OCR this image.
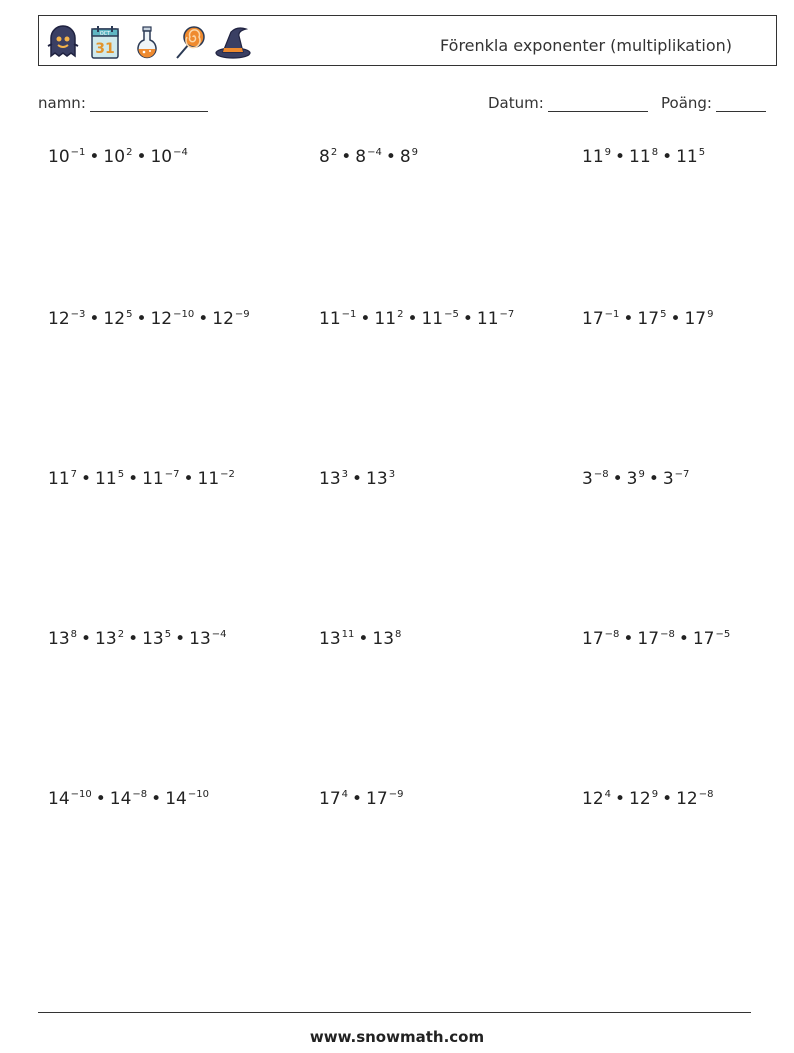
OCT
31	Förenkla exponenter (multiplikation)
namn:	Datum:	Poäng:
$10^{-1}$ • $10^2$ • $10^{-4}$	$8^2$ • $8^{-4}$ • $8^9$	$11^9$ • $11^8$ • $11^5$
$12^{-3}$ • $12^5$ • $12^{-10}$ • $12^{-9}$	$11^{-1}$ • $11^2$ • $11^{-5}$ • $11^{-7}$	$17^{-1}$ • $17^5$ • $17^9$
$11^7$ • $11^5$ • $11^{-7}$ • $11^{-2}$	$13^3$ • $13^3$	$3^{-8}$ • $3^9$ • $3^{-7}$
$13^8$ • $13^2$ • $13^5$ • $13^{-4}$	$13^{11}$ • $13^8$	$17^{-8}$ • $17^{-8}$ • $17^{-5}$
$14^{-10}$ • $14^{-8}$ • $14^{-10}$	$17^4$ • $17^{-9}$	$12^4$ • $12^9$ • $12^{-8}$
www.snowmath.com
